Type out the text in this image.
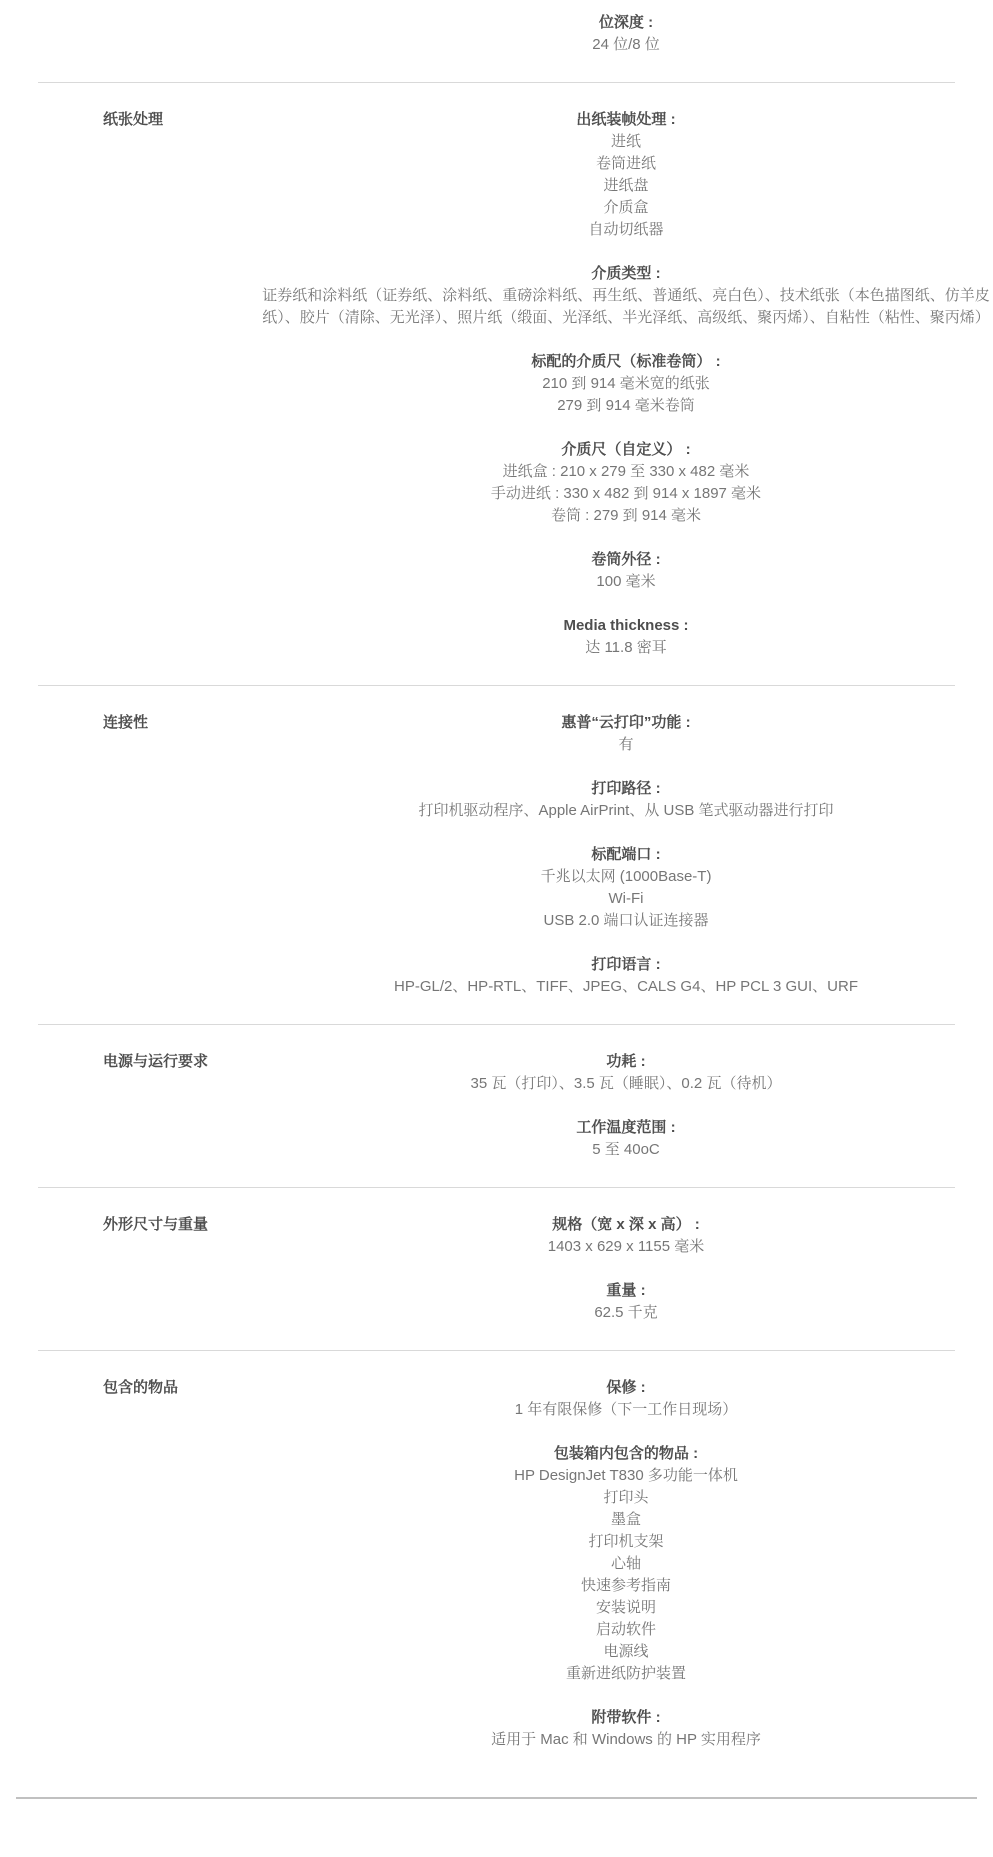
位深度 :
24 位/8 位
纸张处理	出纸装帧处理 :
进纸
卷筒进纸
进纸盘
介质盒
自动切纸器
介质类型 :
证券纸和涂料纸（证券纸、涂料纸、重磅涂料纸、再生纸、普通纸、亮白色）、技术纸张（本色描图纸、仿羊皮纸）、胶片（清除、无光泽）、照片纸（缎面、光泽纸、半光泽纸、高级纸、聚丙烯）、自粘性（粘性、聚丙烯）
标配的介质尺（标准卷筒） :
210 到 914 毫米宽的纸张
279 到 914 毫米卷筒
介质尺（自定义） :
进纸盒 : 210 x 279 至 330 x 482 毫米
手动进纸 : 330 x 482 到 914 x 1897 毫米
卷筒 : 279 到 914 毫米
卷筒外径 :
100 毫米
Media thickness :
达 11.8 密耳
连接性	惠普“云打印”功能 :
有
打印路径 :
打印机驱动程序、Apple AirPrint、从 USB 笔式驱动器进行打印
标配端口 :
千兆以太网 (1000Base-T)
Wi-Fi
USB 2.0 端口认证连接器
打印语言 :
HP-GL/2、HP-RTL、TIFF、JPEG、CALS G4、HP PCL 3 GUI、URF
电源与运行要求	功耗 :
35 瓦（打印）、3.5 瓦（睡眠）、0.2 瓦（待机）
工作温度范围 :
5 至 40oC
外形尺寸与重量	规格（宽 x 深 x 高） :
1403 x 629 x 1155 毫米
重量 :
62.5 千克
包含的物品	保修 :
1 年有限保修（下一工作日现场）
包装箱内包含的物品 :
HP DesignJet T830 多功能一体机
打印头
墨盒
打印机支架
心轴
快速参考指南
安装说明
启动软件
电源线
重新进纸防护装置
附带软件 :
适用于 Mac 和 Windows 的 HP 实用程序
